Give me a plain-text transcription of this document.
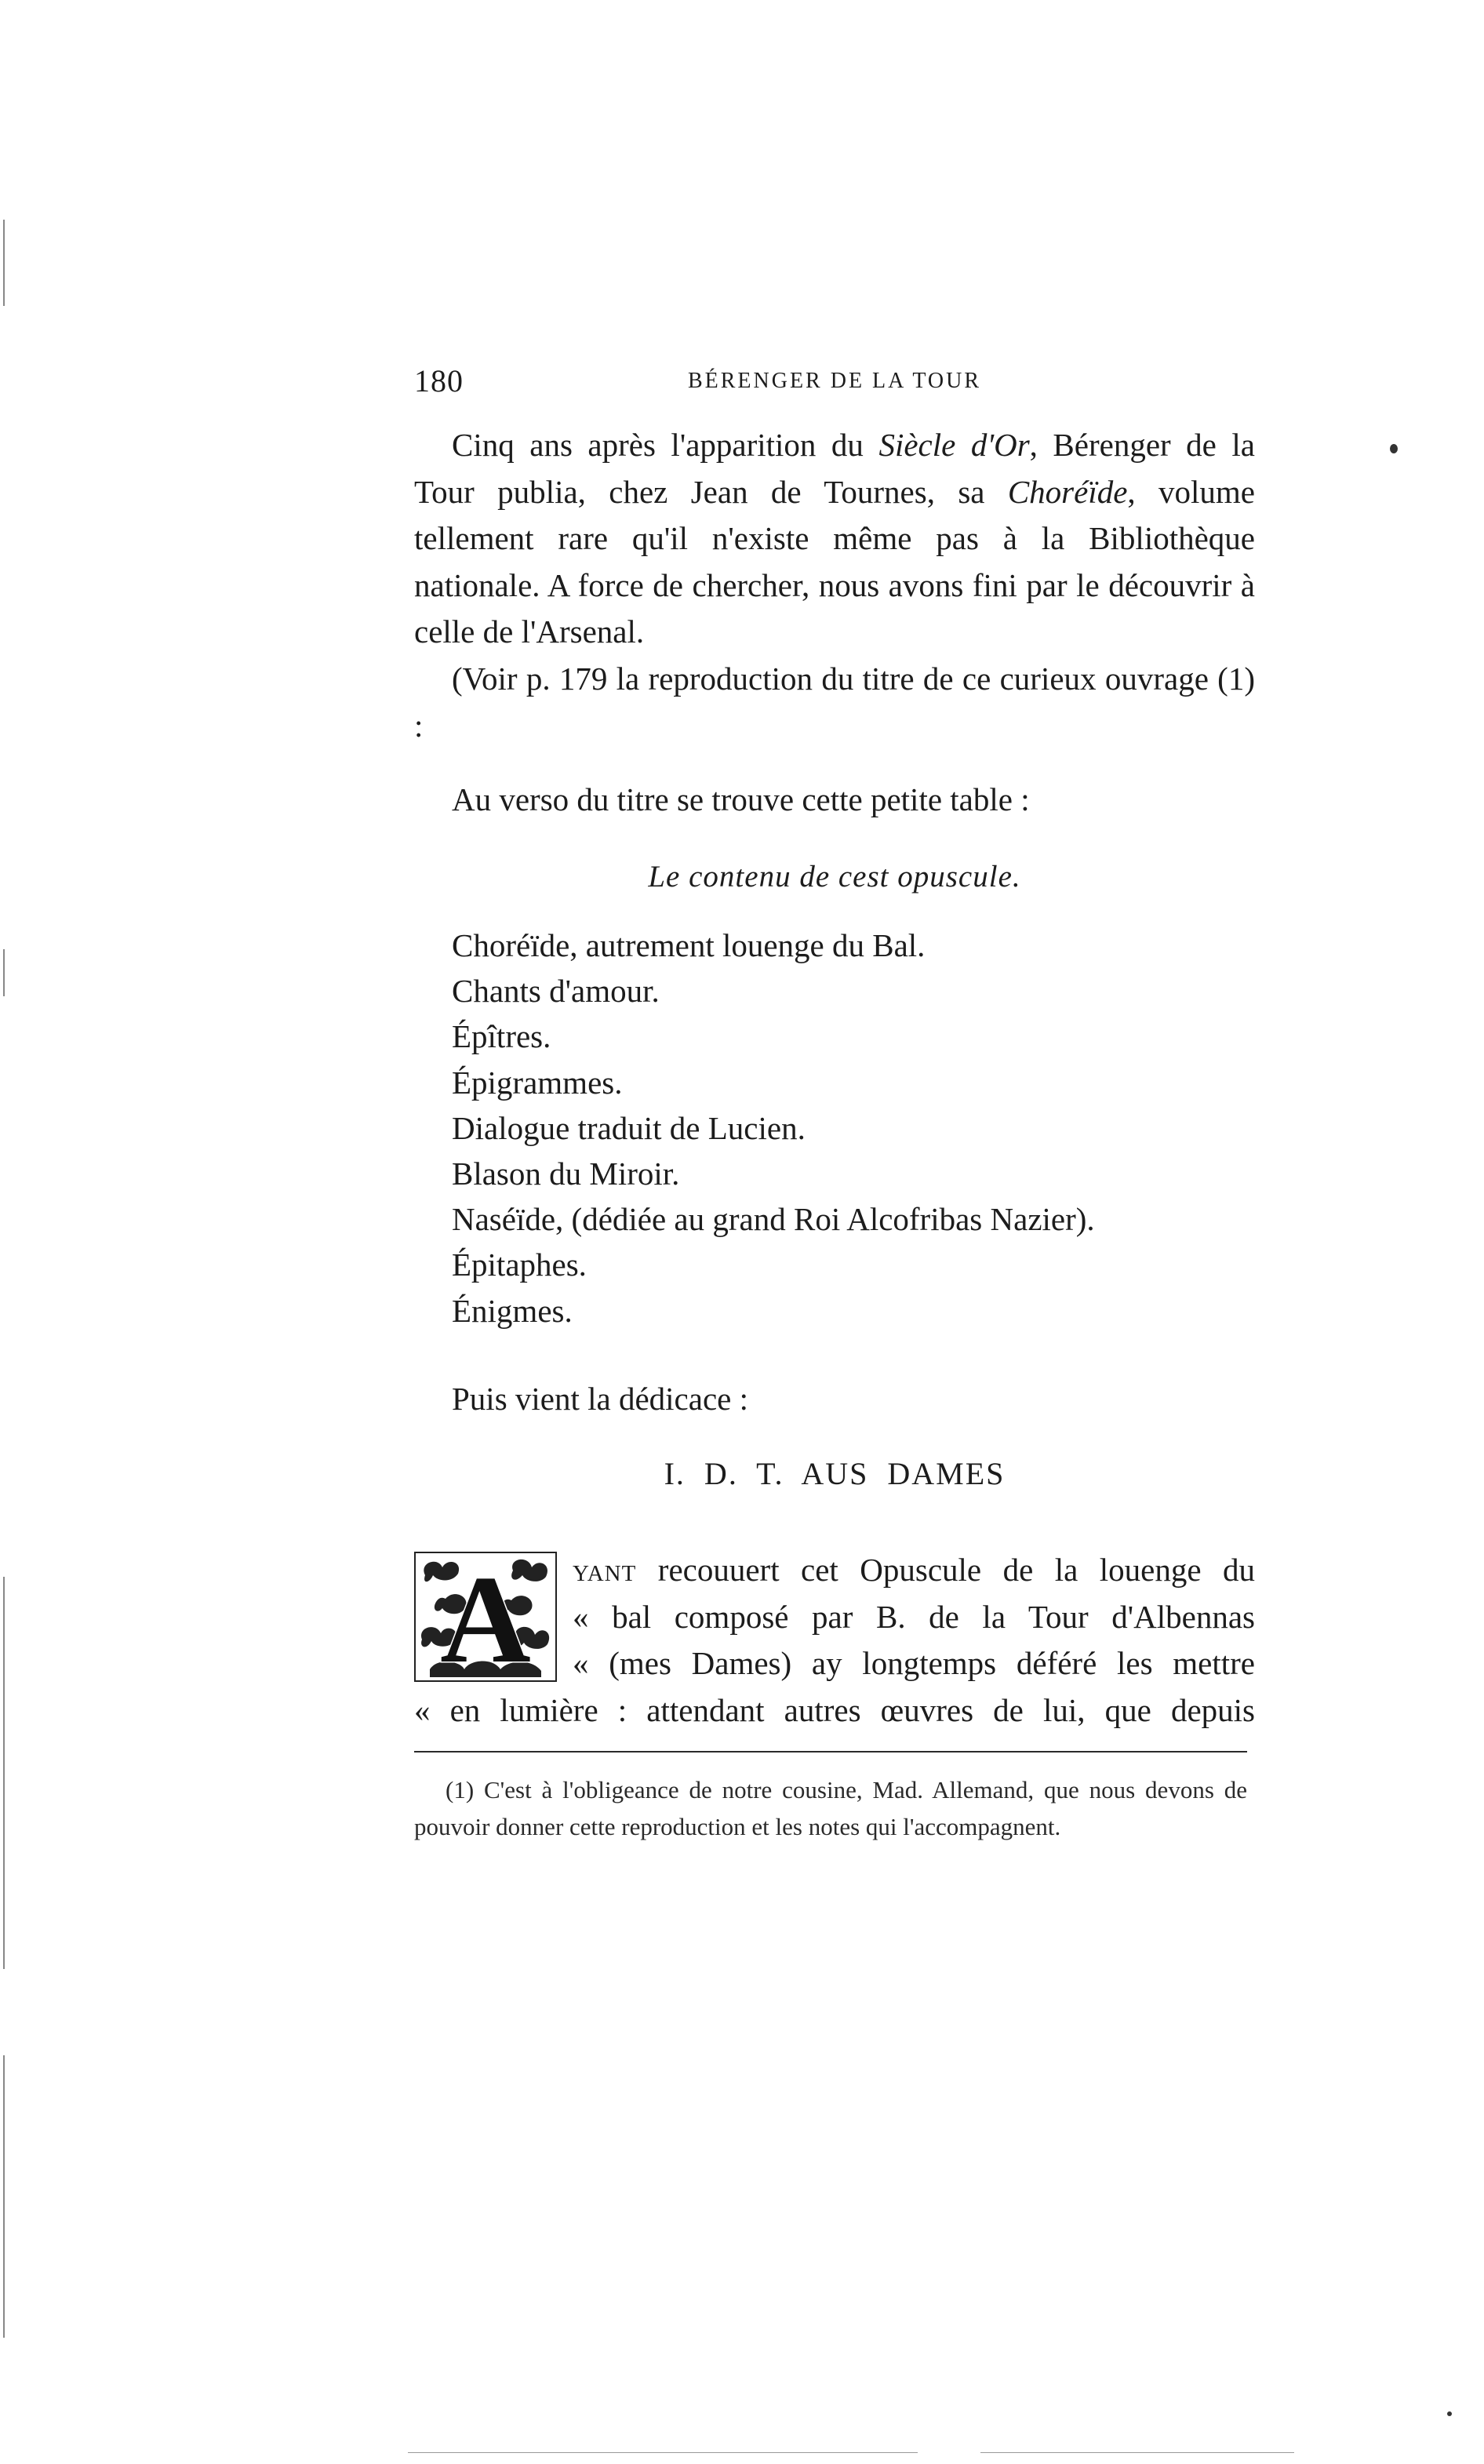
180	BÉRENGER DE LA TOUR

Cinq ans après l'apparition du Siècle d'Or, Bérenger de la Tour publia, chez Jean de Tournes, sa Choréïde, volume tellement rare qu'il n'existe même pas à la Bibliothèque nationale. A force de chercher, nous avons fini par le découvrir à celle de l'Arsenal.

(Voir p. 179 la reproduction du titre de ce curieux ouvrage (1) :

Au verso du titre se trouve cette petite table :

Le contenu de cest opuscule.
Choréïde, autrement louenge du Bal.
Chants d'amour.
Épîtres.
Épigrammes.
Dialogue traduit de Lucien.
Blason du Miroir.
Naséïde, (dédiée au grand Roi Alcofribas Nazier).
Épitaphes.
Énigmes.

Puis vient la dédicace :

I. D. T. AUS DAMES
A	yant recouuert cet Opuscule de la louenge du

« bal composé par B. de la Tour d'Albennas

« (mes Dames) ay longtemps déféré les mettre

« en lumière : attendant autres œuvres de lui, que depuis

(1) C'est à l'obligeance de notre cousine, Mad. Allemand, que nous devons de pouvoir donner cette reproduction et les notes qui l'accompagnent.
